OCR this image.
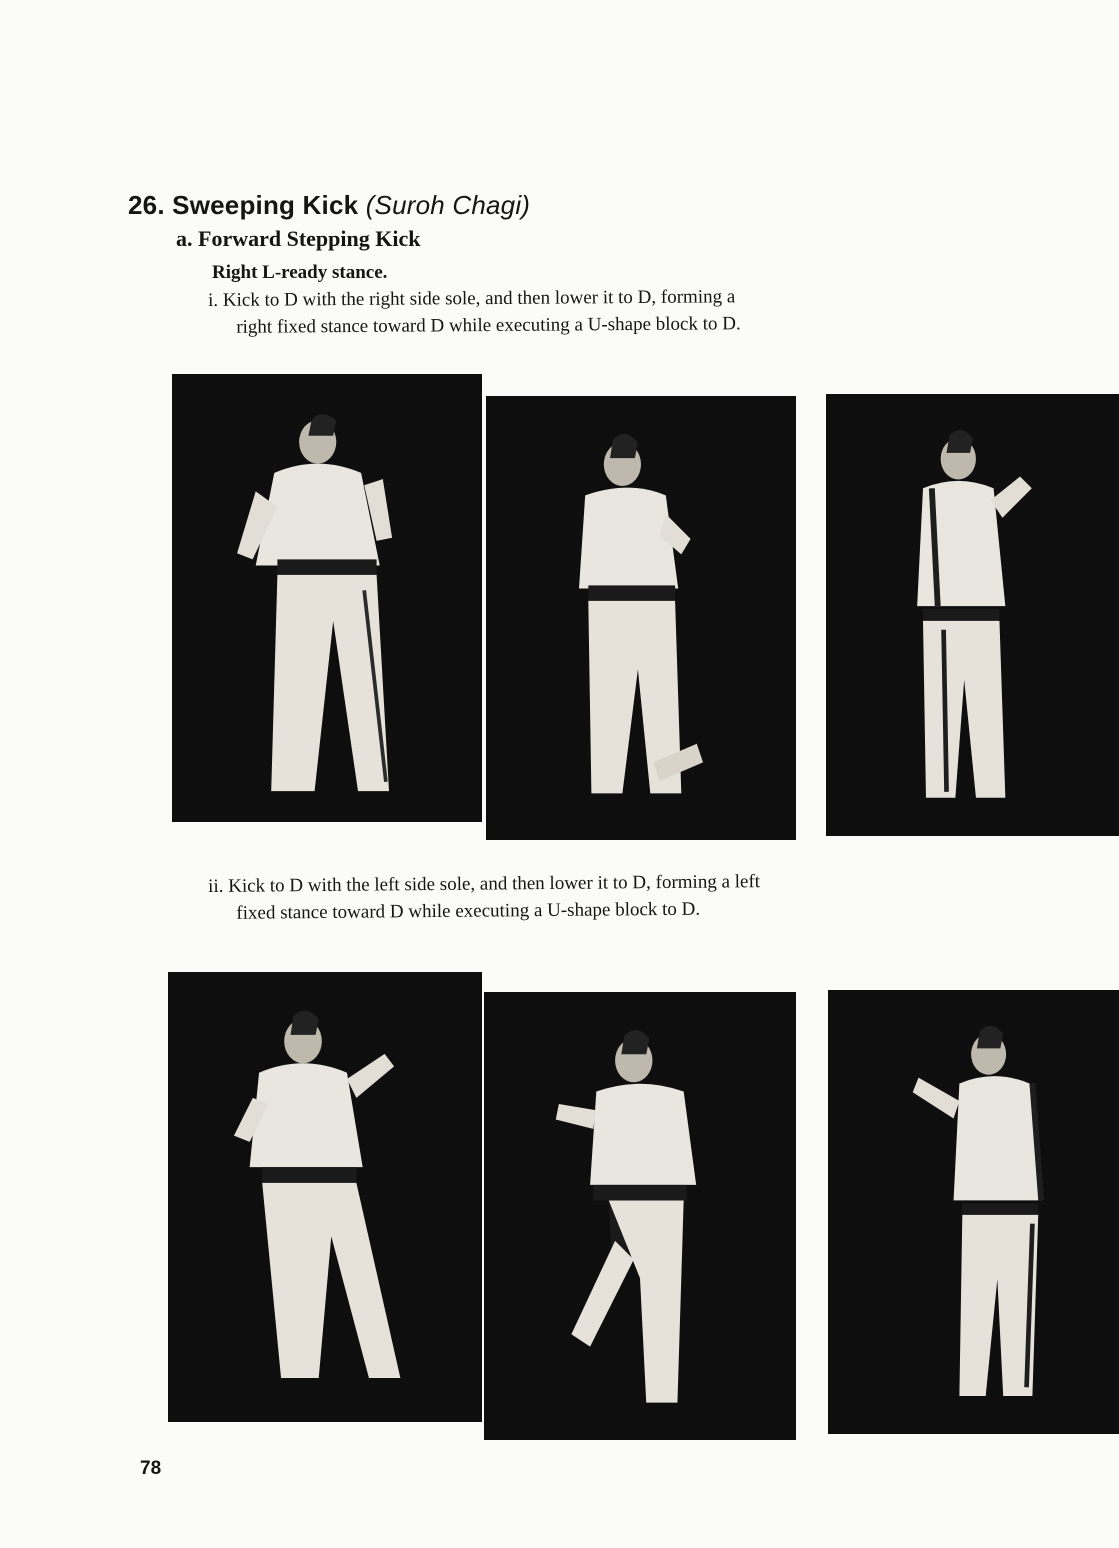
26. Sweeping Kick (Suroh Chagi)
a. Forward Stepping Kick
Right L-ready stance.
i. Kick to D with the right side sole, and then lower it to D, forming a
right fixed stance toward D while executing a U-shape block to D.
ii. Kick to D with the left side sole, and then lower it to D, forming a left
fixed stance toward D while executing a U-shape block to D.
78
